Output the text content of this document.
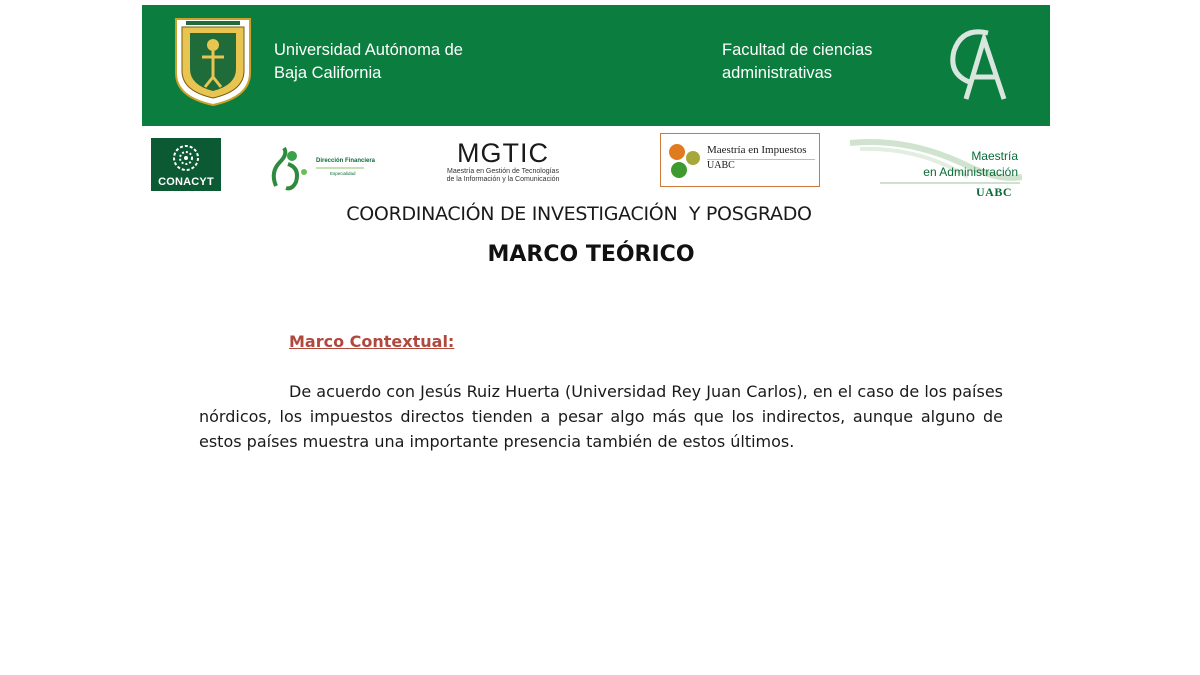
Universidad Autónoma de
Baja California
Facultad de ciencias
administrativas
CONACYT
Dirección Financiera
Especialidad
MGTIC
Maestría en Gestión de Tecnologías
de la Información y la Comunicación
Maestría en Impuestos
UABC
Maestría
en Administración
UABC
COORDINACIÓN DE INVESTIGACIÓN  Y POSGRADO
MARCO TEÓRICO
Marco Contextual:

De acuerdo con Jesús Ruiz Huerta (Universidad Rey Juan Carlos), en el caso de los países nórdicos, los impuestos directos tienden a pesar algo más que los indirectos, aunque alguno de estos países muestra una importante presencia también de estos últimos.
